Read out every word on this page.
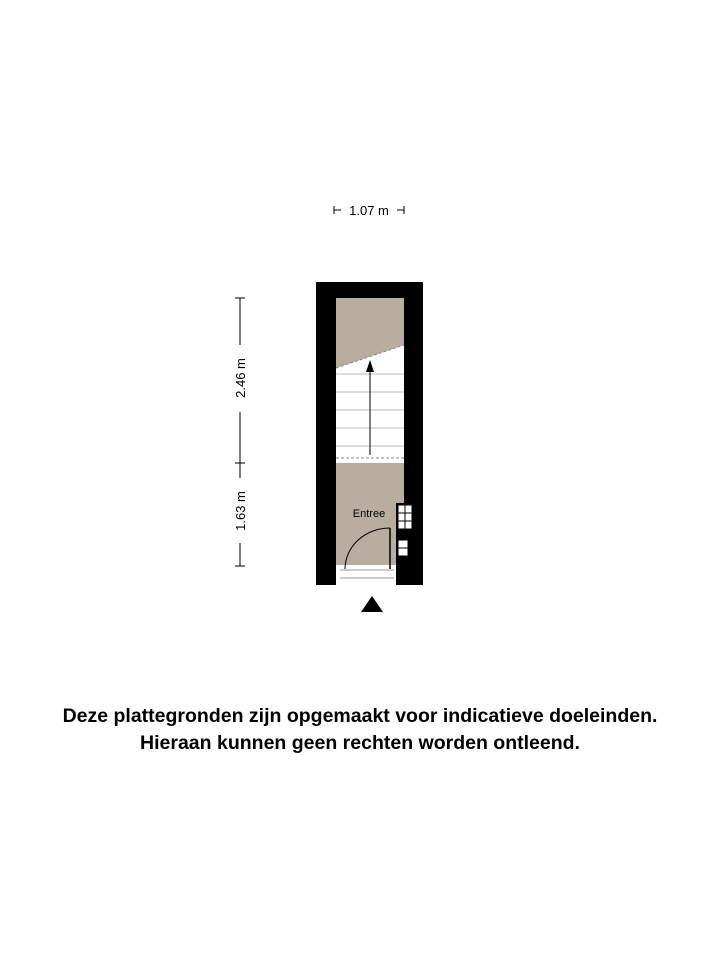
1.07 m
2.46 m
1.63 m	Entree
Deze plattegronden zijn opgemaakt voor indicatieve doeleinden.
Hieraan kunnen geen rechten worden ontleend.
